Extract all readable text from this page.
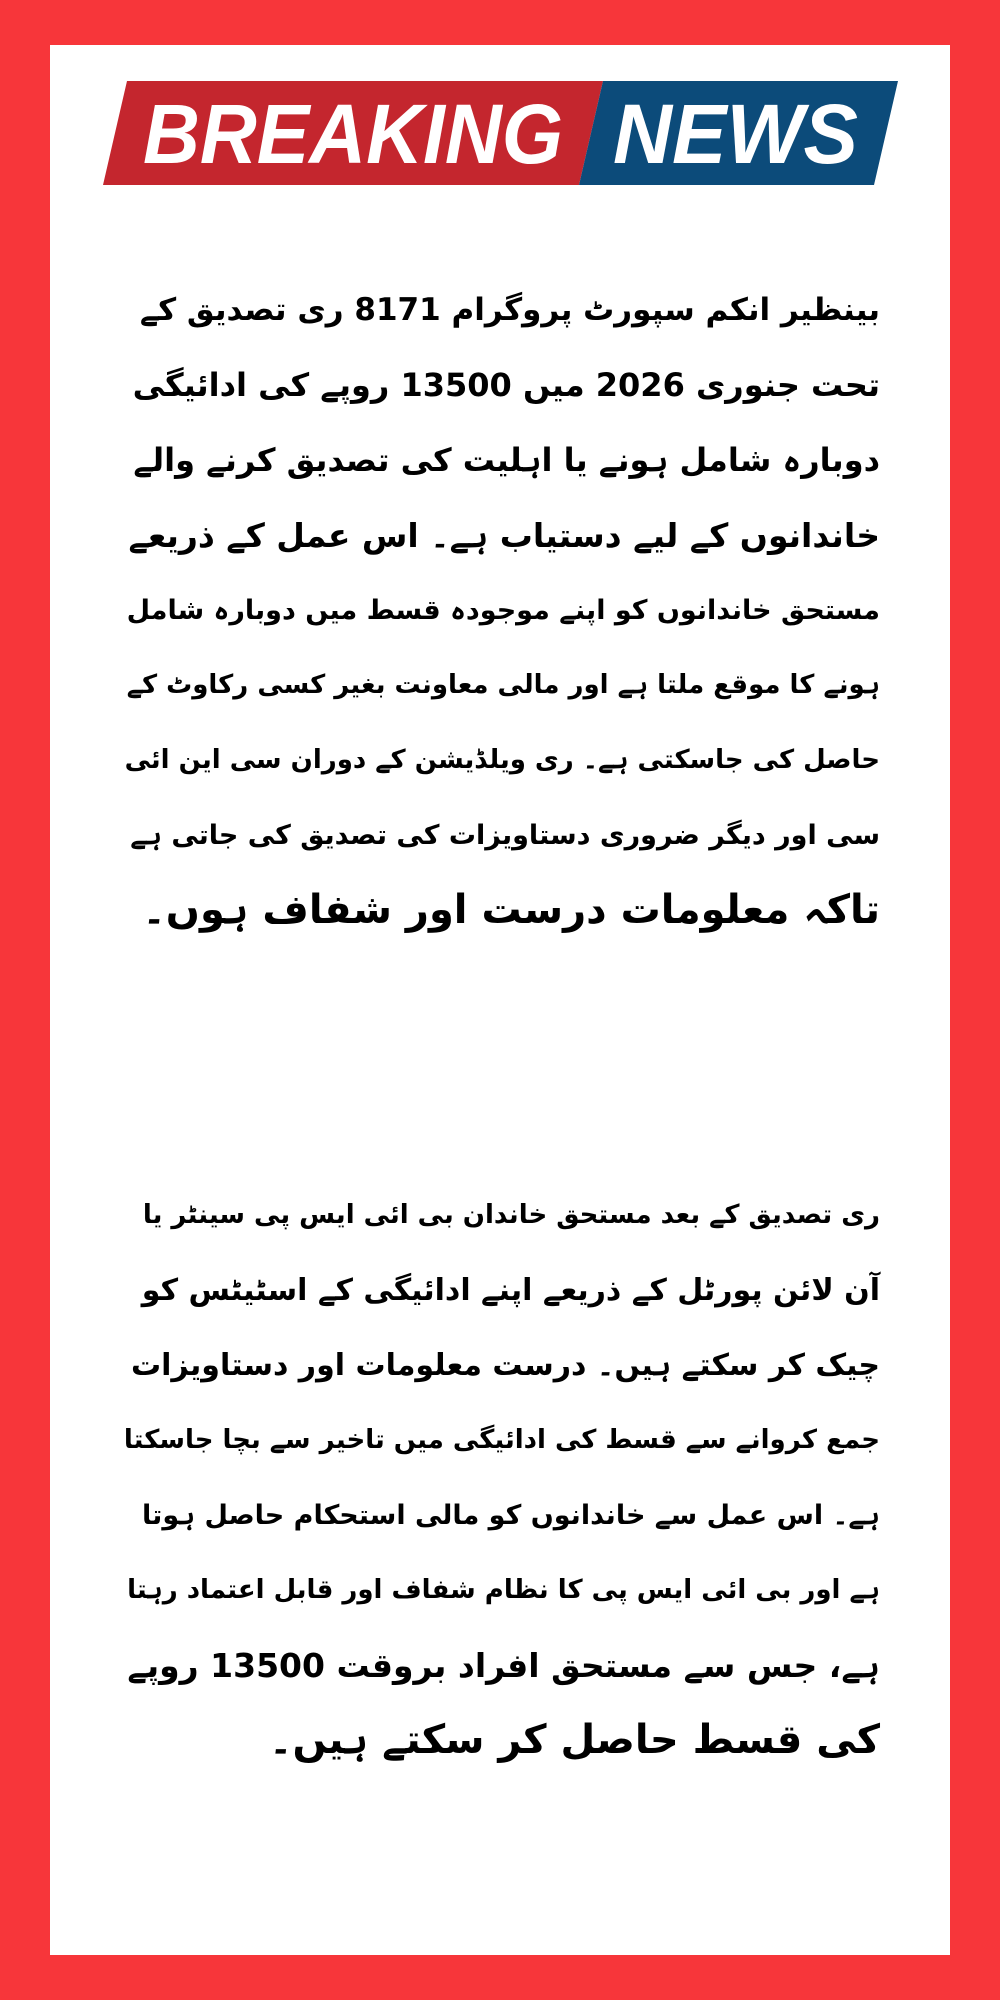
BREAKING NEWS
بینظیر انکم سپورٹ پروگرام 8171 ری تصدیق کے
تحت جنوری 2026 میں 13500 روپے کی ادائیگی
دوبارہ شامل ہونے یا اہلیت کی تصدیق کرنے والے
خاندانوں کے لیے دستیاب ہے۔ اس عمل کے ذریعے
مستحق خاندانوں کو اپنے موجودہ قسط میں دوبارہ شامل
ہونے کا موقع ملتا ہے اور مالی معاونت بغیر کسی رکاوٹ کے
حاصل کی جاسکتی ہے۔ ری ویلڈیشن کے دوران سی این ائی
سی اور دیگر ضروری دستاویزات کی تصدیق کی جاتی ہے
تاکہ معلومات درست اور شفاف ہوں۔
ری تصدیق کے بعد مستحق خاندان بی ائی ایس پی سینٹر یا
آن لائن پورٹل کے ذریعے اپنے ادائیگی کے اسٹیٹس کو
چیک کر سکتے ہیں۔ درست معلومات اور دستاویزات
جمع کروانے سے قسط کی ادائیگی میں تاخیر سے بچا جاسکتا
ہے۔ اس عمل سے خاندانوں کو مالی استحکام حاصل ہوتا
ہے اور بی ائی ایس پی کا نظام شفاف اور قابل اعتماد رہتا
ہے، جس سے مستحق افراد بروقت 13500 روپے
کی قسط حاصل کر سکتے ہیں۔
